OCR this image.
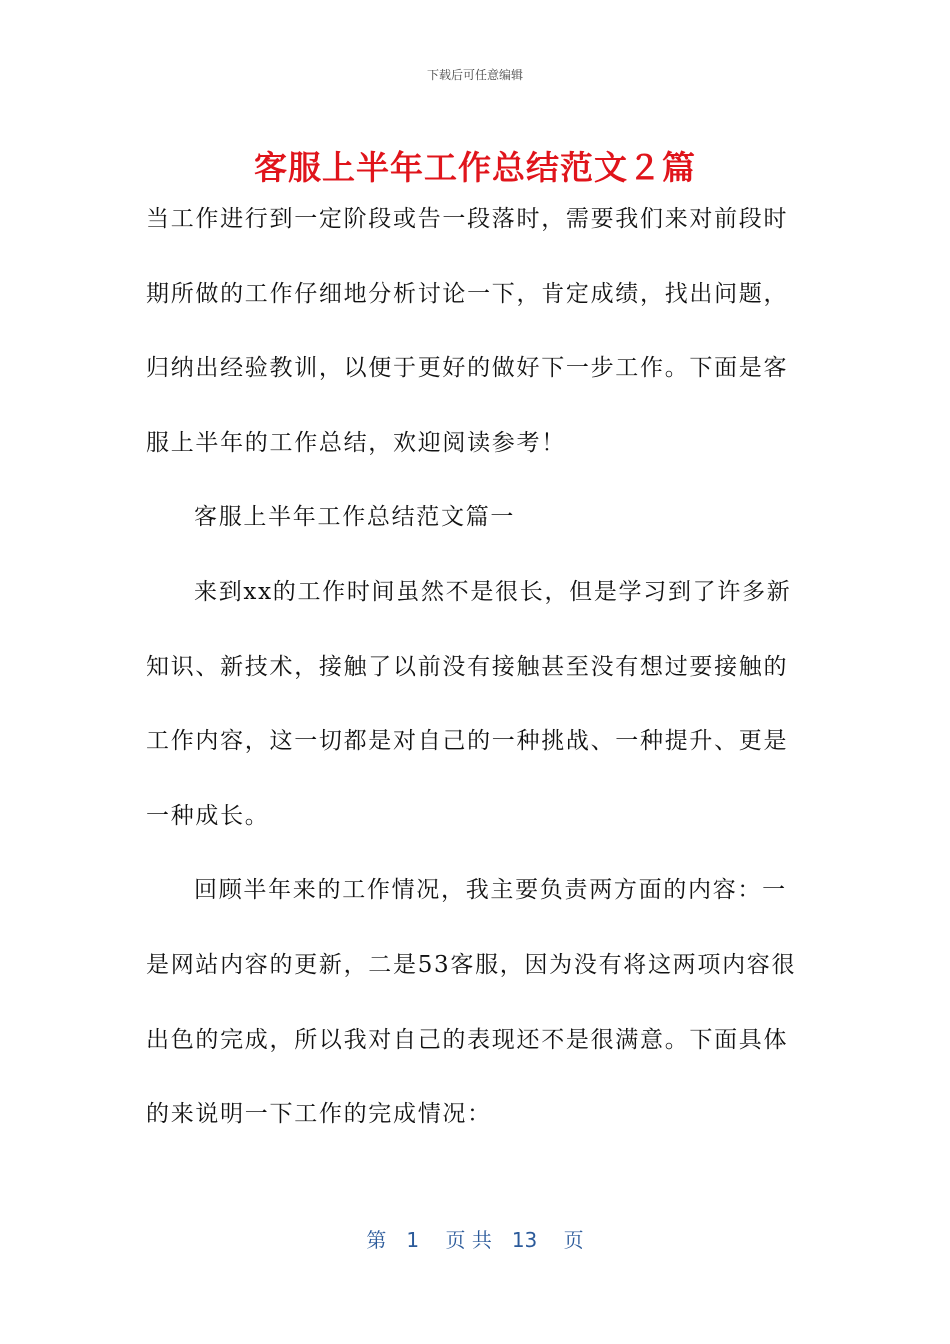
下载后可任意编辑
客服上半年工作总结范文２篇

当工作进行到一定阶段或告一段落时，需要我们来对前段时期所做的工作仔细地分析讨论一下，肯定成绩，找出问题，归纳出经验教训，以便于更好的做好下一步工作。下面是客服上半年的工作总结，欢迎阅读参考！

客服上半年工作总结范文篇一

来到xx的工作时间虽然不是很长，但是学习到了许多新知识、新技术，接触了以前没有接触甚至没有想过要接触的工作内容，这一切都是对自己的一种挑战、一种提升、更是一种成长。

回顾半年来的工作情况，我主要负责两方面的内容：一是网站内容的更新，二是53客服，因为没有将这两项内容很出色的完成，所以我对自己的表现还不是很满意。下面具体的来说明一下工作的完成情况：

第　1　 页 共　13　 页
